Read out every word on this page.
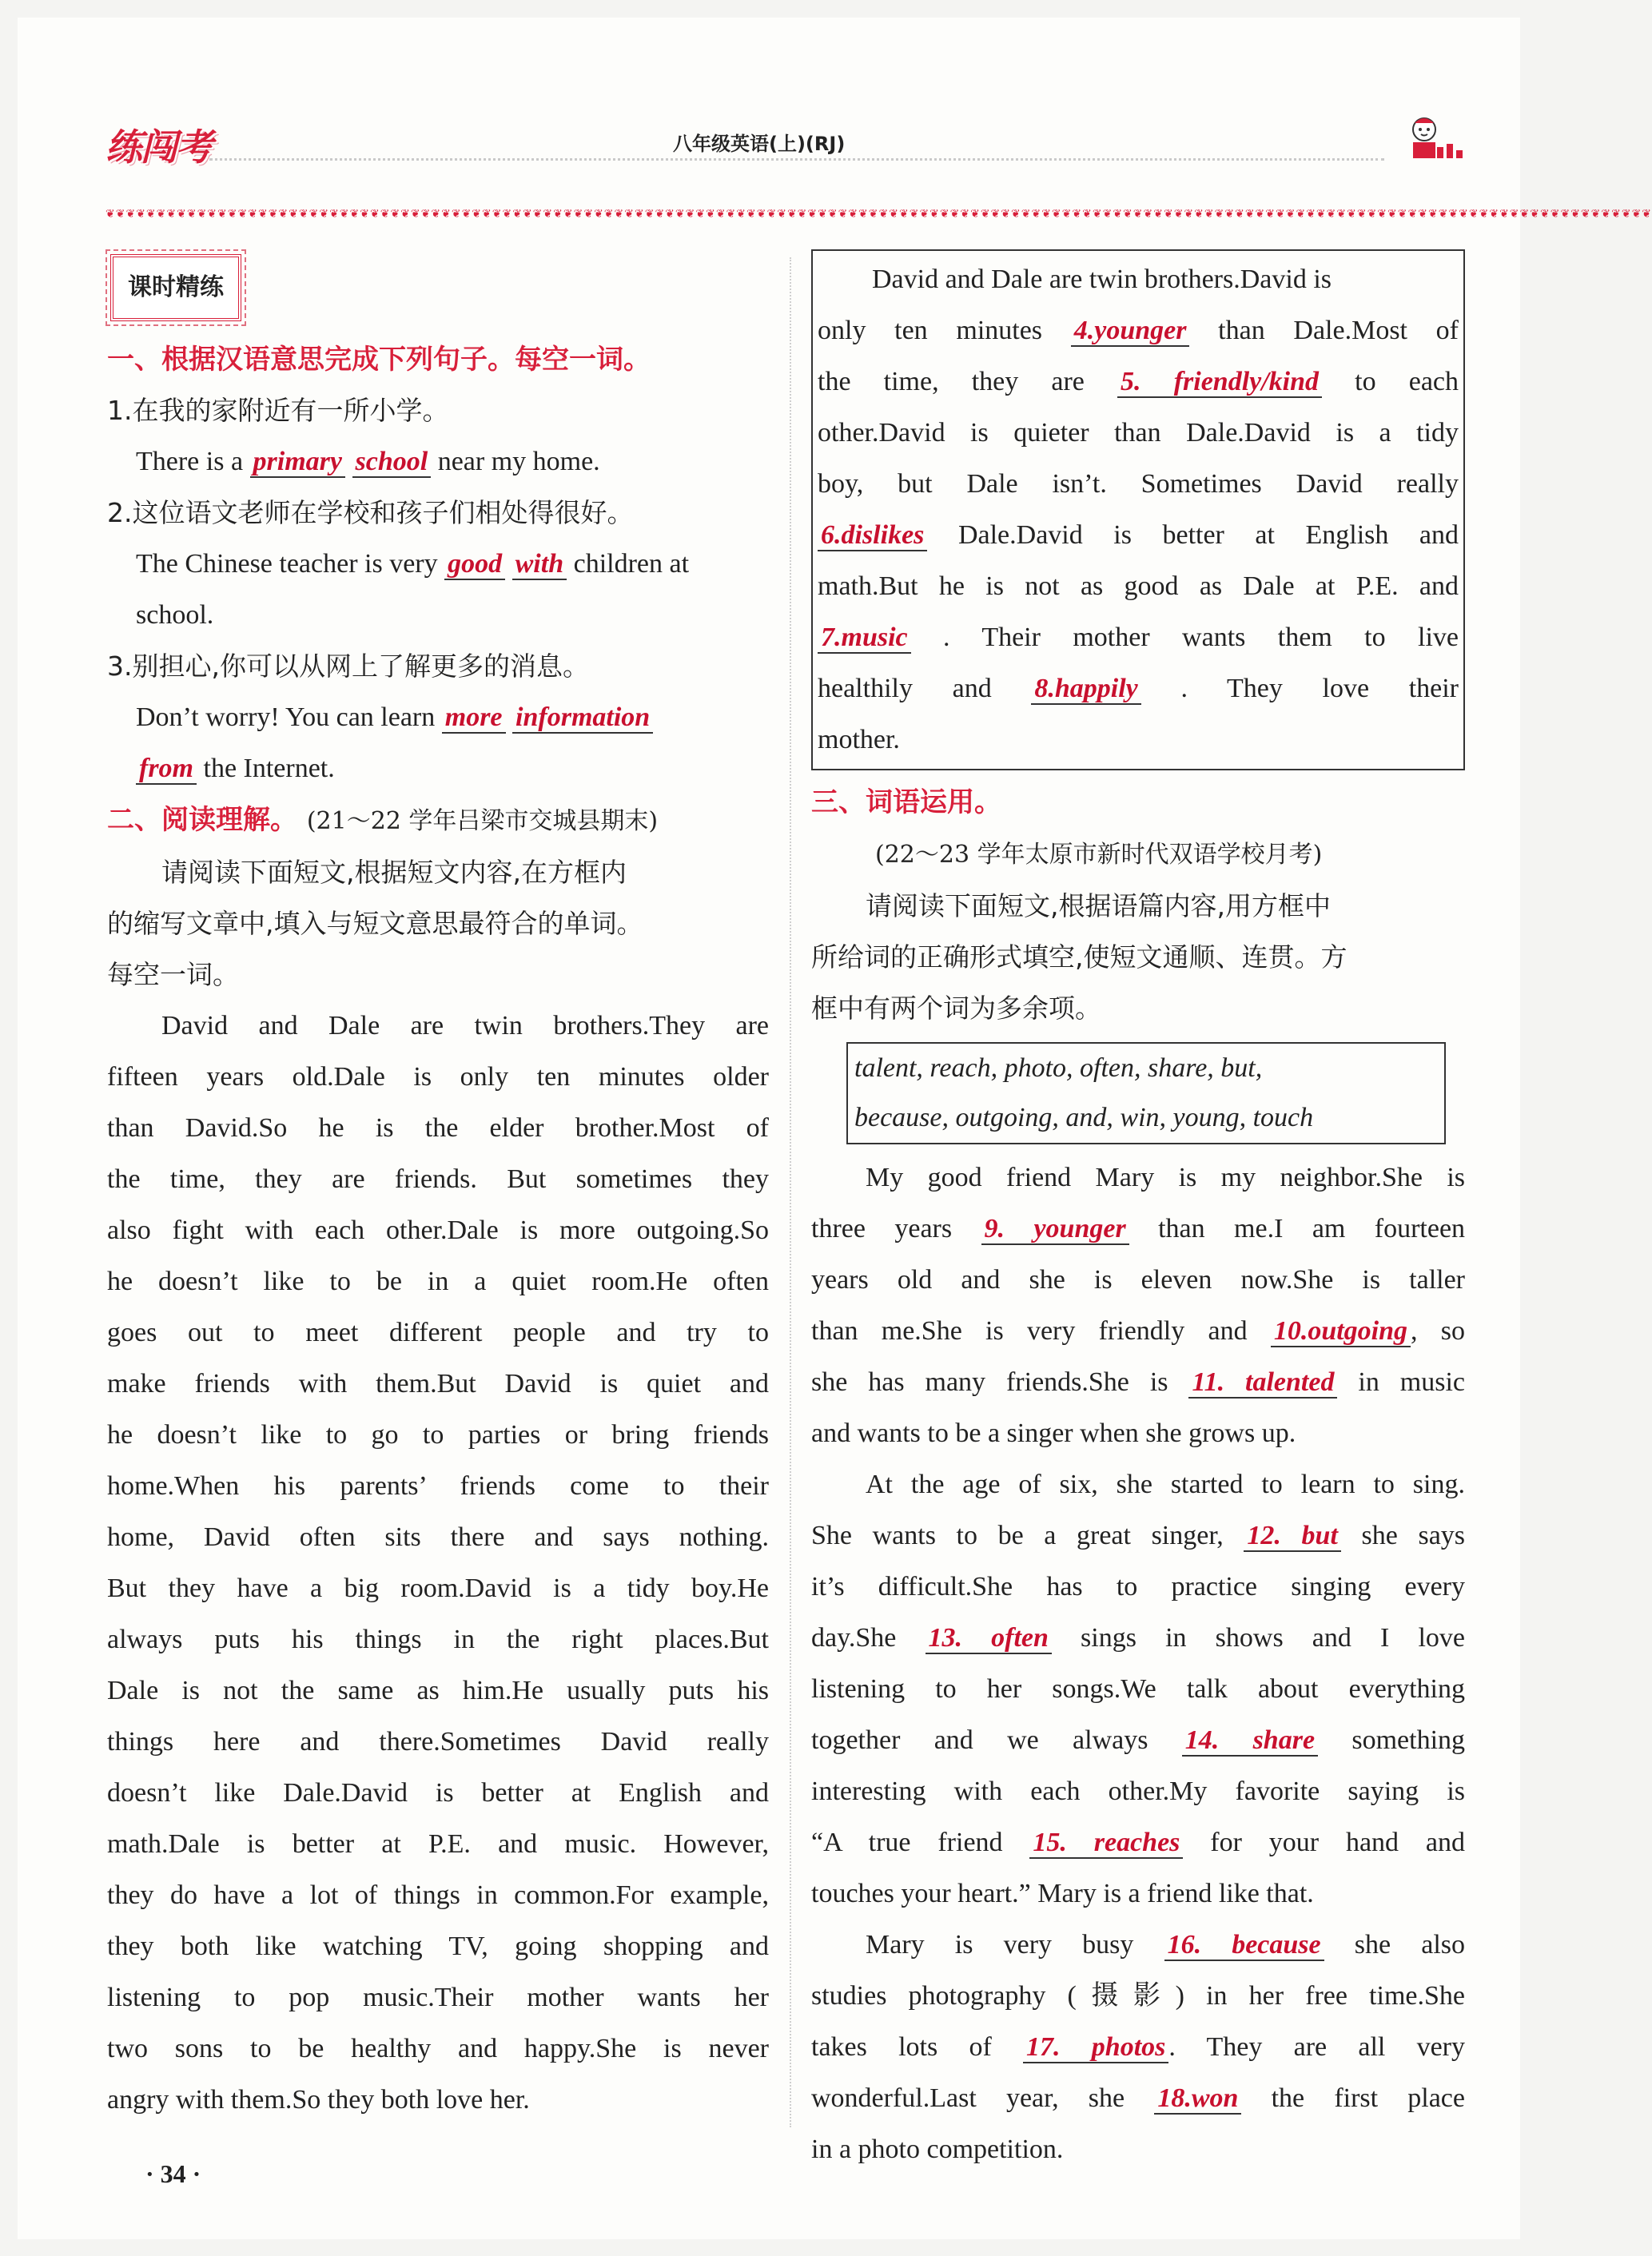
练闯考	八年级英语(上)(RJ)
❦❦❦❦❦❦❦❦❦❦❦❦❦❦❦❦❦❦❦❦❦❦❦❦❦❦❦❦❦❦❦❦❦❦❦❦❦❦❦❦❦❦❦❦❦❦❦❦❦❦❦❦❦❦❦❦❦❦❦❦❦❦❦❦❦❦❦❦❦❦❦❦❦❦❦❦❦❦❦❦❦❦❦❦❦❦❦❦❦❦❦❦❦❦❦❦❦❦❦❦❦❦❦❦❦❦❦❦❦❦❦❦❦❦❦❦❦❦❦❦❦❦❦❦❦❦❦❦❦❦❦❦❦❦❦❦❦❦❦❦❦❦❦❦❦❦❦❦❦❦❦❦
课时精练
一、根据汉语意思完成下列句子。每空一词。
1.在我的家附近有一所小学。
There is a primary school near my home.
2.这位语文老师在学校和孩子们相处得很好。
The Chinese teacher is very good with children at
school.
3.别担心,你可以从网上了解更多的消息。
Don’t worry! You can learn more information
from the Internet.
二、阅读理解。 (21～22 学年吕梁市交城县期末)
请阅读下面短文,根据短文内容,在方框内
的缩写文章中,填入与短文意思最符合的单词。
每空一词。
David and Dale are twin brothers.They are
fifteen years old.Dale is only ten minutes older
than David.So he is the elder brother.Most of
the time, they are friends. But sometimes they
also fight with each other.Dale is more outgoing.So
he doesn’t like to be in a quiet room.He often
goes out to meet different people and try to
make friends with them.But David is quiet and
he doesn’t like to go to parties or bring friends
home.When his parents’ friends come to their
home, David often sits there and says nothing.
But they have a big room.David is a tidy boy.He
always puts his things in the right places.But
Dale is not the same as him.He usually puts his
things here and there.Sometimes David really
doesn’t like Dale.David is better at English and
math.Dale is better at P.E. and music. However,
they do have a lot of things in common.For example,
they both like watching TV, going shopping and
listening to pop music.Their mother wants her
two sons to be healthy and happy.She is never
angry with them.So they both love her.
David and Dale are twin brothers.David is
only ten minutes 4.younger than Dale.Most of
the time, they are 5. friendly/kind to each
other.David is quieter than Dale.David is a tidy
boy, but Dale isn’t. Sometimes David really
6.dislikes Dale.David is better at English and
math.But he is not as good as Dale at P.E. and
7.music . Their mother wants them to live
healthily and 8.happily . They love their
mother.
三、词语运用。
(22～23 学年太原市新时代双语学校月考)
请阅读下面短文,根据语篇内容,用方框中
所给词的正确形式填空,使短文通顺、连贯。方
框中有两个词为多余项。
talent, reach, photo, often, share, but,
because, outgoing, and, win, young, touch
My good friend Mary is my neighbor.She is
three years 9. younger than me.I am fourteen
years old and she is eleven now.She is taller
than me.She is very friendly and 10.outgoing , so
she has many friends.She is 11. talented in music
and wants to be a singer when she grows up.
At the age of six, she started to learn to sing.
She wants to be a great singer, 12. but she says
it’s difficult.She has to practice singing every
day.She 13. often sings in shows and I love
listening to her songs.We talk about everything
together and we always 14. share something
interesting with each other.My favorite saying is
“A true friend 15. reaches for your hand and
touches your heart.” Mary is a friend like that.
Mary is very busy 16. because she also
studies photography (摄影) in her free time.She
takes lots of 17. photos . They are all very
wonderful.Last year, she 18.won the first place
in a photo competition.
· 34 ·
